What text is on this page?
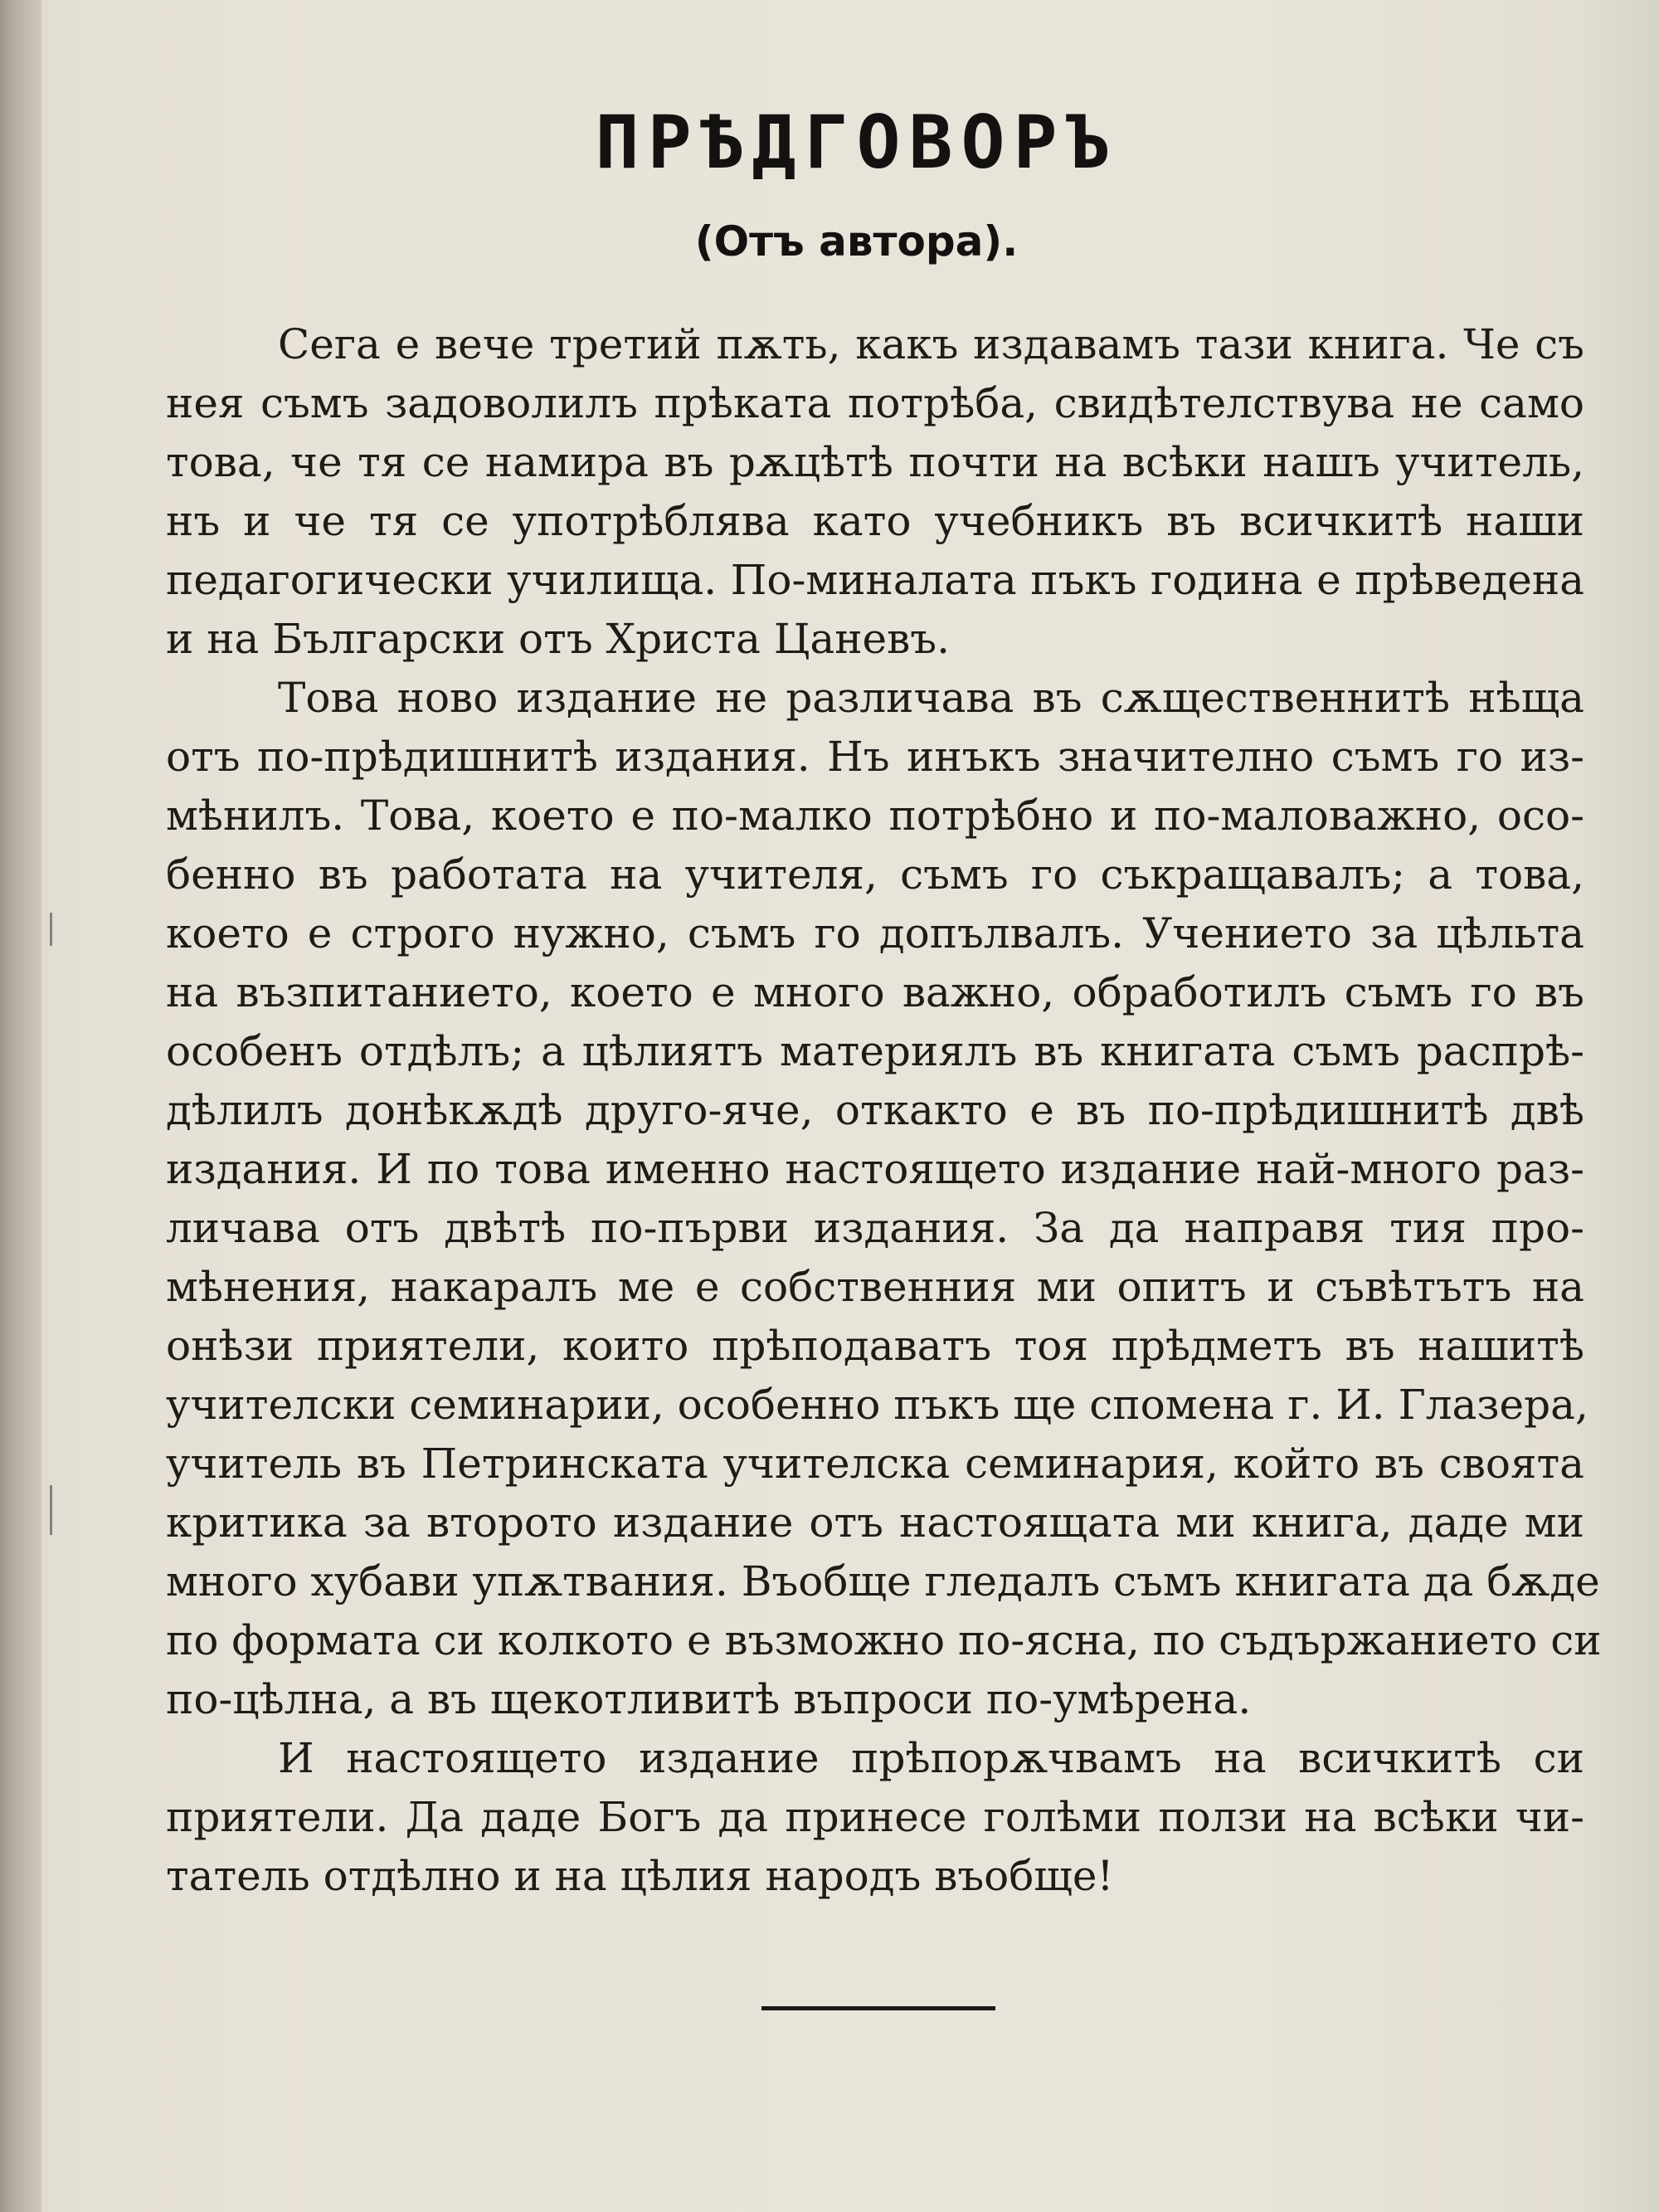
ПРѢДГОВОРЪ
(Отъ автора).
Сега е вече третий пѫть, какъ издавамъ тази книга. Че съ
нея съмъ задоволилъ прѣката потрѣба, свидѣтелствува не само
това, че тя се намира въ рѫцѣтѣ почти на всѣки нашъ учитель,
нъ и че тя се употрѣблява като учебникъ въ всичкитѣ наши
педагогически училища. По-миналата пъкъ година е прѣведена
и на Български отъ Христа Цаневъ.
Това ново издание не различава въ сѫщественнитѣ нѣща
отъ по-прѣдишнитѣ издания. Нъ инъкъ значително съмъ го из-
мѣнилъ. Това, което е по-малко потрѣбно и по-маловажно, осо-
бенно въ работата на учителя, съмъ го съкращавалъ; а това,
което е строго нужно, съмъ го допълвалъ. Учението за цѣльта
на възпитанието, което е много важно, обработилъ съмъ го въ
особенъ отдѣлъ; а цѣлиятъ материялъ въ книгата съмъ распрѣ-
дѣлилъ донѣкѫдѣ друго-яче, откакто е въ по-прѣдишнитѣ двѣ
издания. И по това именно настоящето издание най-много раз-
личава отъ двѣтѣ по-първи издания. За да направя тия про-
мѣнения, накаралъ ме е собственния ми опитъ и съвѣтътъ на
онѣзи приятели, които прѣподаватъ тоя прѣдметъ въ нашитѣ
учителски семинарии, особенно пъкъ ще спомена г. И. Глазера,
учитель въ Петринската учителска семинария, който въ своята
критика за второто издание отъ настоящата ми книга, даде ми
много хубави упѫтвания. Въобще гледалъ съмъ книгата да бѫде
по формата си колкото е възможно по-ясна, по съдържанието си
по-цѣлна, а въ щекотливитѣ въпроси по-умѣрена.
И настоящето издание прѣпорѫчвамъ на всичкитѣ си
приятели. Да даде Богъ да принесе голѣми ползи на всѣки чи-
татель отдѣлно и на цѣлия народъ въобще!
